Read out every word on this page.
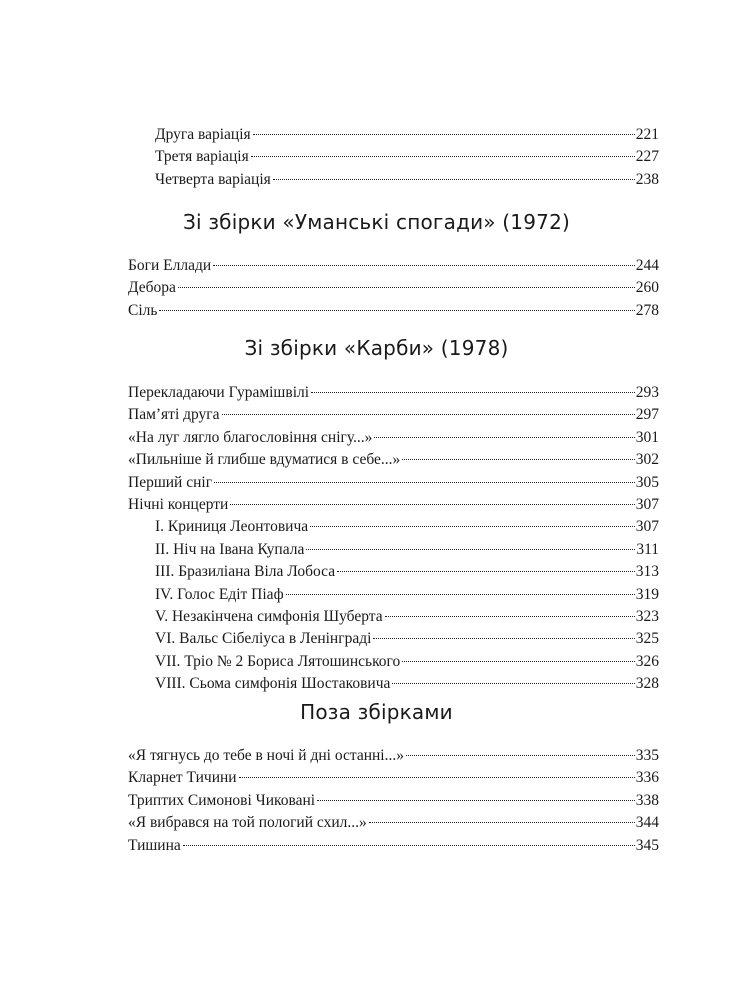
Друга варіація	221
Третя варіація	227
Четверта варіація	238
Зі збірки «Уманські спогади» (1972)
Боги Еллади	244
Дебора	260
Сіль	278
Зі збірки «Карби» (1978)
Перекладаючи Гурамішвілі	293
Пам’яті друга	297
«На луг лягло благословіння снігу...»	301
«Пильніше й глибше вдуматися в себе...»	302
Перший сніг	305
Нічні концерти	307
I. Криниця Леонтовича	307
II. Ніч на Івана Купала	311
III. Бразиліана Віла Лобоса	313
IV. Голос Едіт Піаф	319
V. Незакінчена симфонія Шуберта	323
VI. Вальс Сібеліуса в Ленінграді	325
VII. Тріо № 2 Бориса Лятошинського	326
VIII. Сьома симфонія Шостаковича	328
Поза збірками
«Я тягнусь до тебе в ночі й дні останні...»	335
Кларнет Тичини	336
Триптих Симонові Чиковані	338
«Я вибрався на той пологий схил...»	344
Тишина	345
